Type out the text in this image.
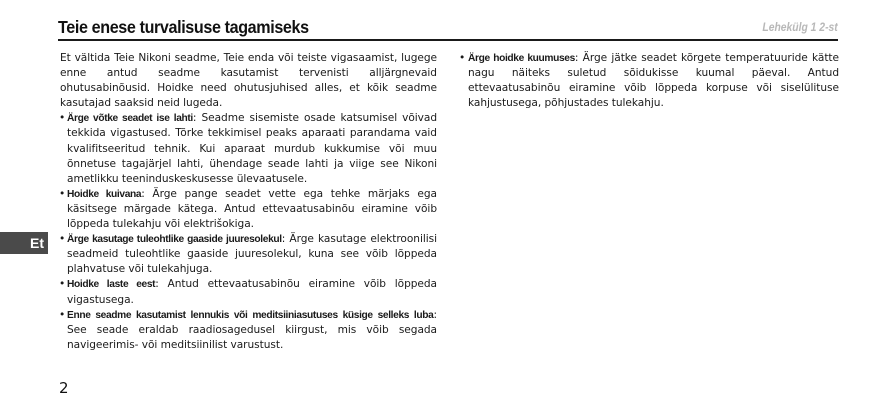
Teie enese turvalisuse tagamiseks	Lehekülg 1 2-st
Et

Et vältida Teie Nikoni seadme, Teie enda või teiste vigasaamist, lugege enne antud seadme kasutamist tervenisti alljärgnevaid ohutusabinõusid. Hoidke need ohutusjuhised alles, et kõik seadme kasutajad saaksid neid lugeda.

• Ärge võtke seadet ise lahti: Seadme sisemiste osade katsumisel võivad tekkida vigastused. Tõrke tekkimisel peaks aparaati parandama vaid kvalifitseeritud tehnik. Kui aparaat murdub kukkumise või muu õnnetuse tagajärjel lahti, ühendage seade lahti ja viige see Nikoni ametlikku teeninduskeskusesse ülevaatusele.
• Hoidke kuivana: Ärge pange seadet vette ega tehke märjaks ega käsitsege märgade kätega. Antud ettevaatusabinõu eiramine võib lõppeda tulekahju või elektrišokiga.
• Ärge kasutage tuleohtlike gaaside juuresolekul: Ärge kasutage elektroonilisi seadmeid tuleohtlike gaaside juuresolekul, kuna see võib lõppeda plahvatuse või tulekahjuga.
• Hoidke laste eest: Antud ettevaatusabinõu eiramine võib lõppeda vigastusega.
• Enne seadme kasutamist lennukis või meditsiiniasutuses küsige selleks luba: See seade eraldab raadiosagedusel kiirgust, mis võib segada navigeerimis- või meditsiinilist varustust.
• Ärge hoidke kuumuses: Ärge jätke seadet kõrgete temperatuuride kätte nagu näiteks suletud sõidukisse kuumal päeval. Antud ettevaatusabinõu eiramine võib lõppeda korpuse või siselülituse kahjustusega, põhjustades tulekahju.
2
